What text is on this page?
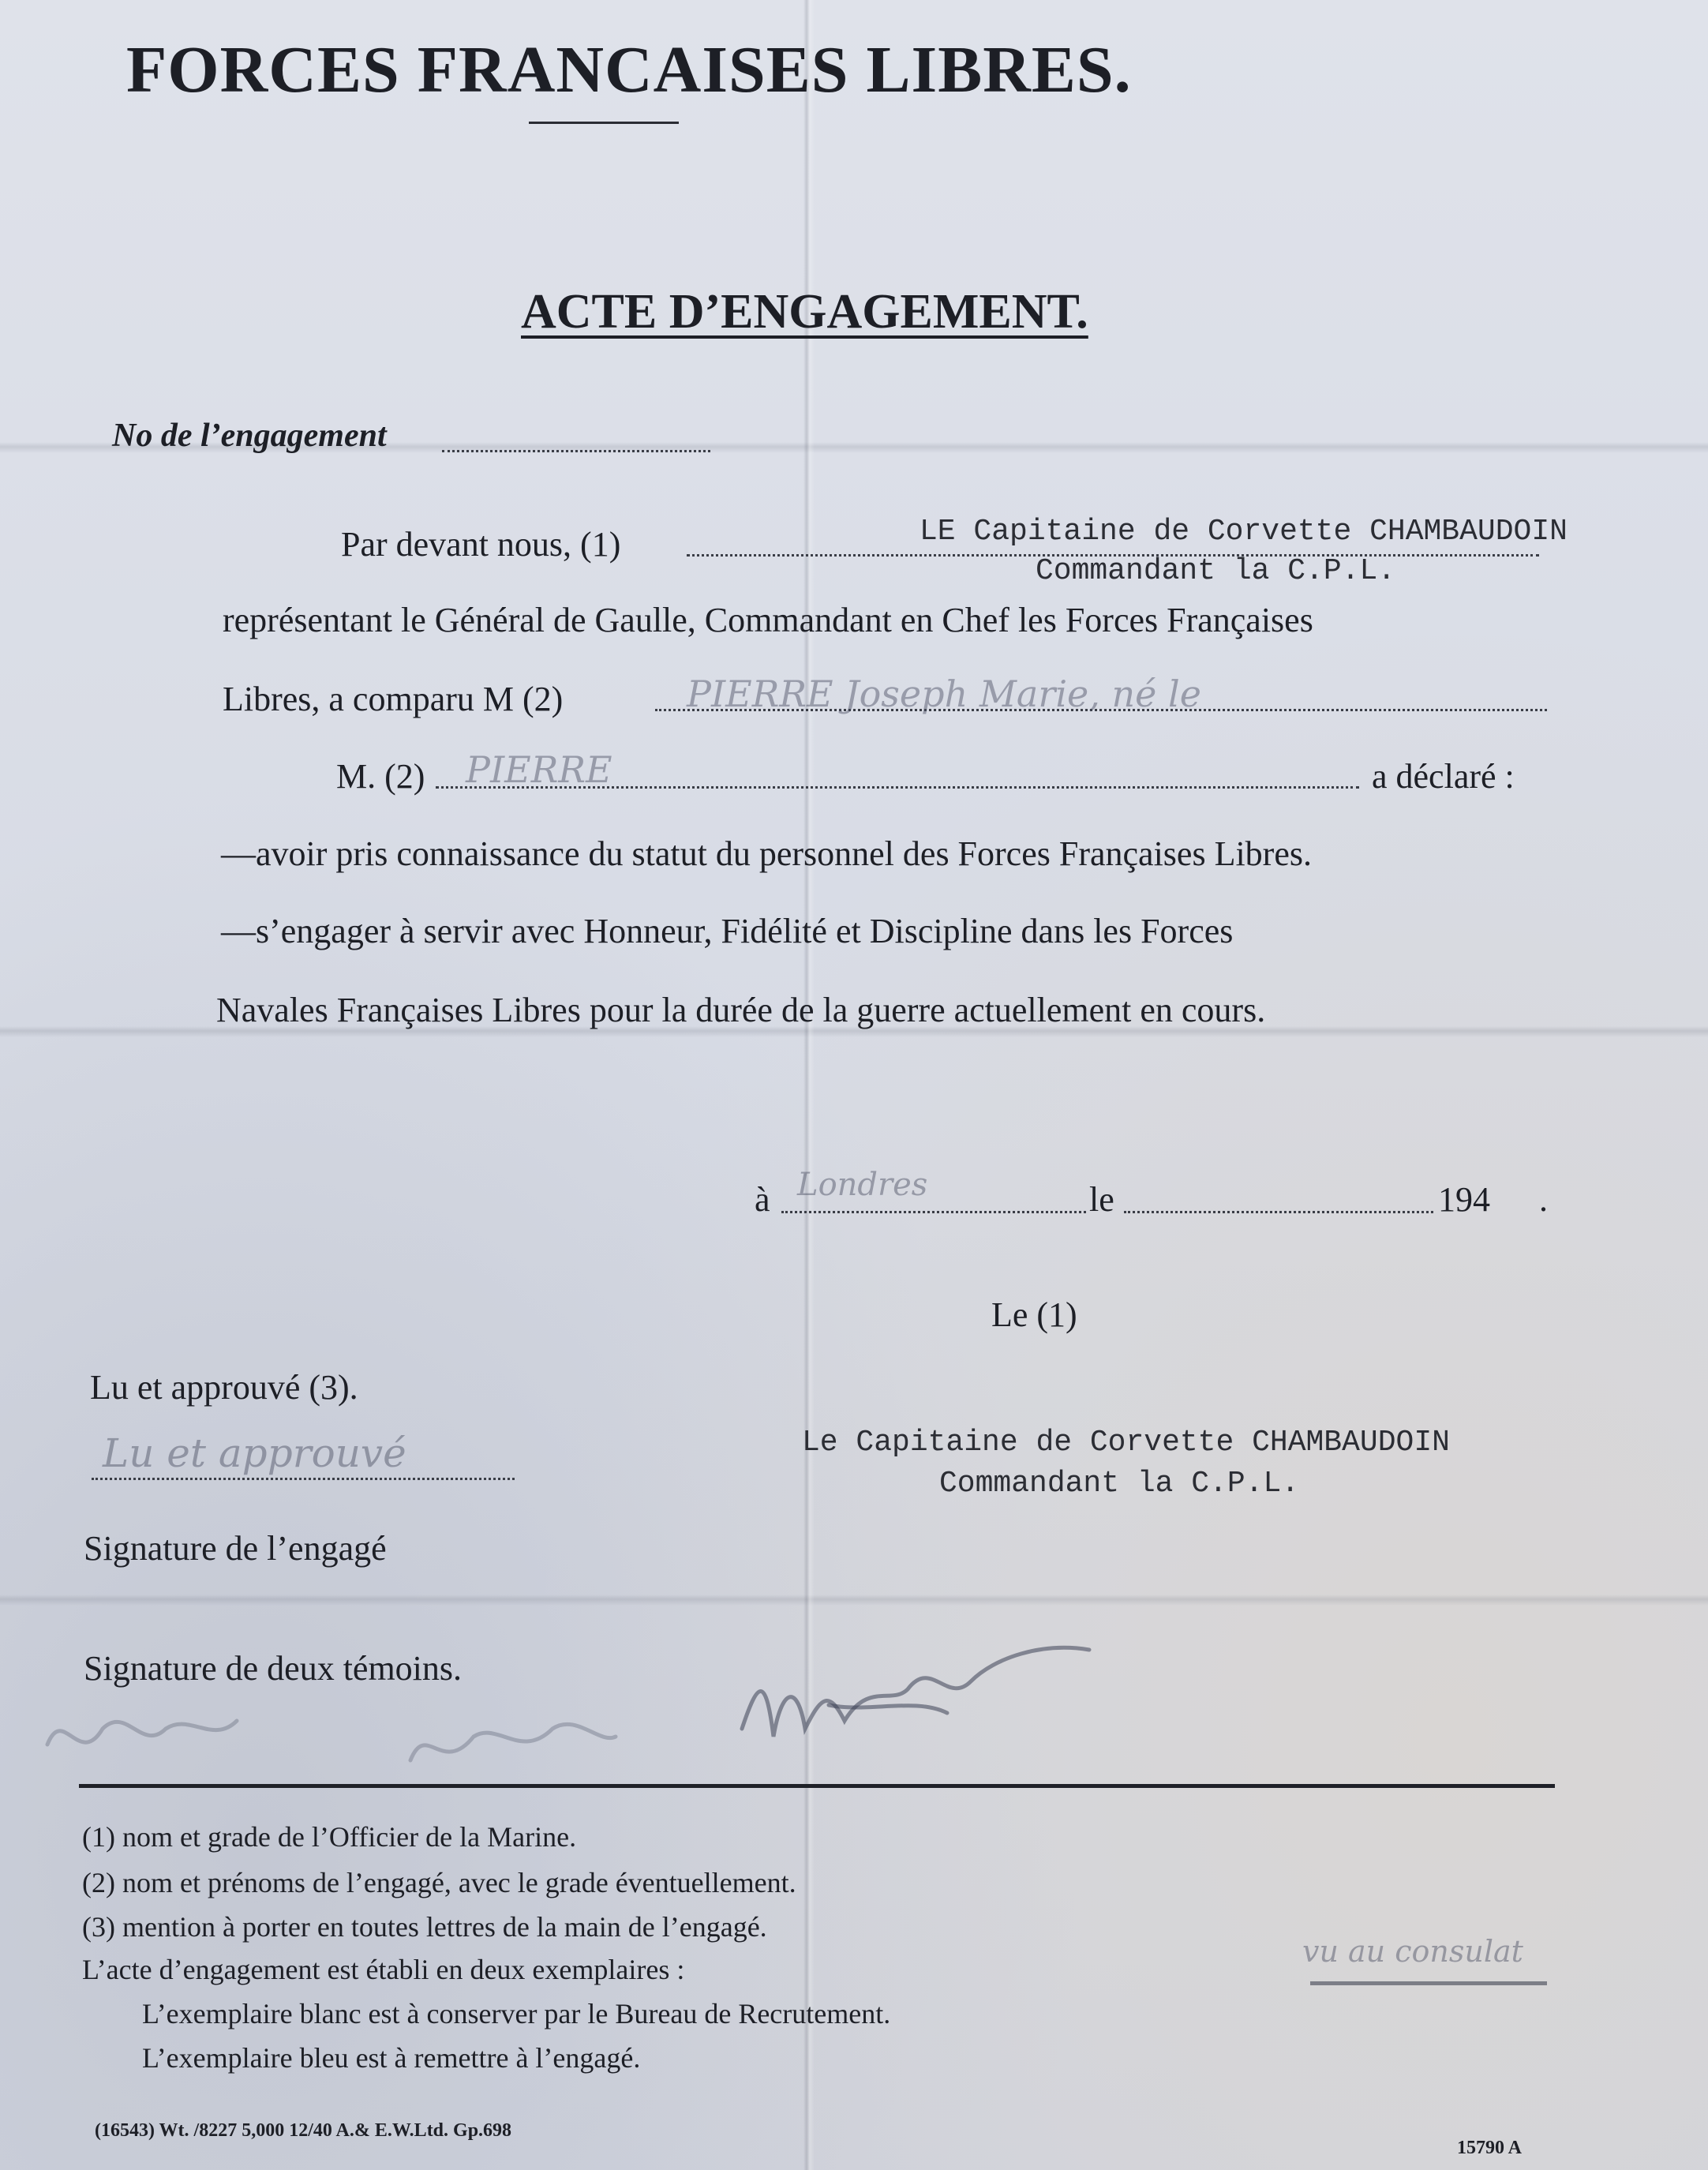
FORCES FRANCAISES LIBRES.
ACTE D’ENGAGEMENT.
No de l’engagement
Par devant nous, (1)	LE Capitaine de Corvette CHAMBAUDOIN
Commandant la C.P.L.
représentant le Général de Gaulle, Commandant en Chef les Forces Françaises
Libres, a comparu M (2)	PIERRE Joseph Marie, né le
M. (2) PIERRE	a déclaré :
—avoir pris connaissance du statut du personnel des Forces Françaises Libres.
—s’engager à servir avec Honneur, Fidélité et Discipline dans les Forces
Navales Françaises Libres pour la durée de la guerre actuellement en cours.
à Londres	le	194 .
Le (1)
Le Capitaine de Corvette CHAMBAUDOIN
Commandant la C.P.L.
Lu et approuvé (3).
Lu et approuvé
Signature de l’engagé
Signature de deux témoins.
(1) nom et grade de l’Officier de la Marine.
(2) nom et prénoms de l’engagé, avec le grade éventuellement.
(3) mention à porter en toutes lettres de la main de l’engagé.
L’acte d’engagement est établi en deux exemplaires :
L’exemplaire blanc est à conserver par le Bureau de Recrutement.
L’exemplaire bleu est à remettre à l’engagé.
vu au consulat
(16543) Wt. /8227 5,000 12/40 A.& E.W.Ltd. Gp.698
15790 A
